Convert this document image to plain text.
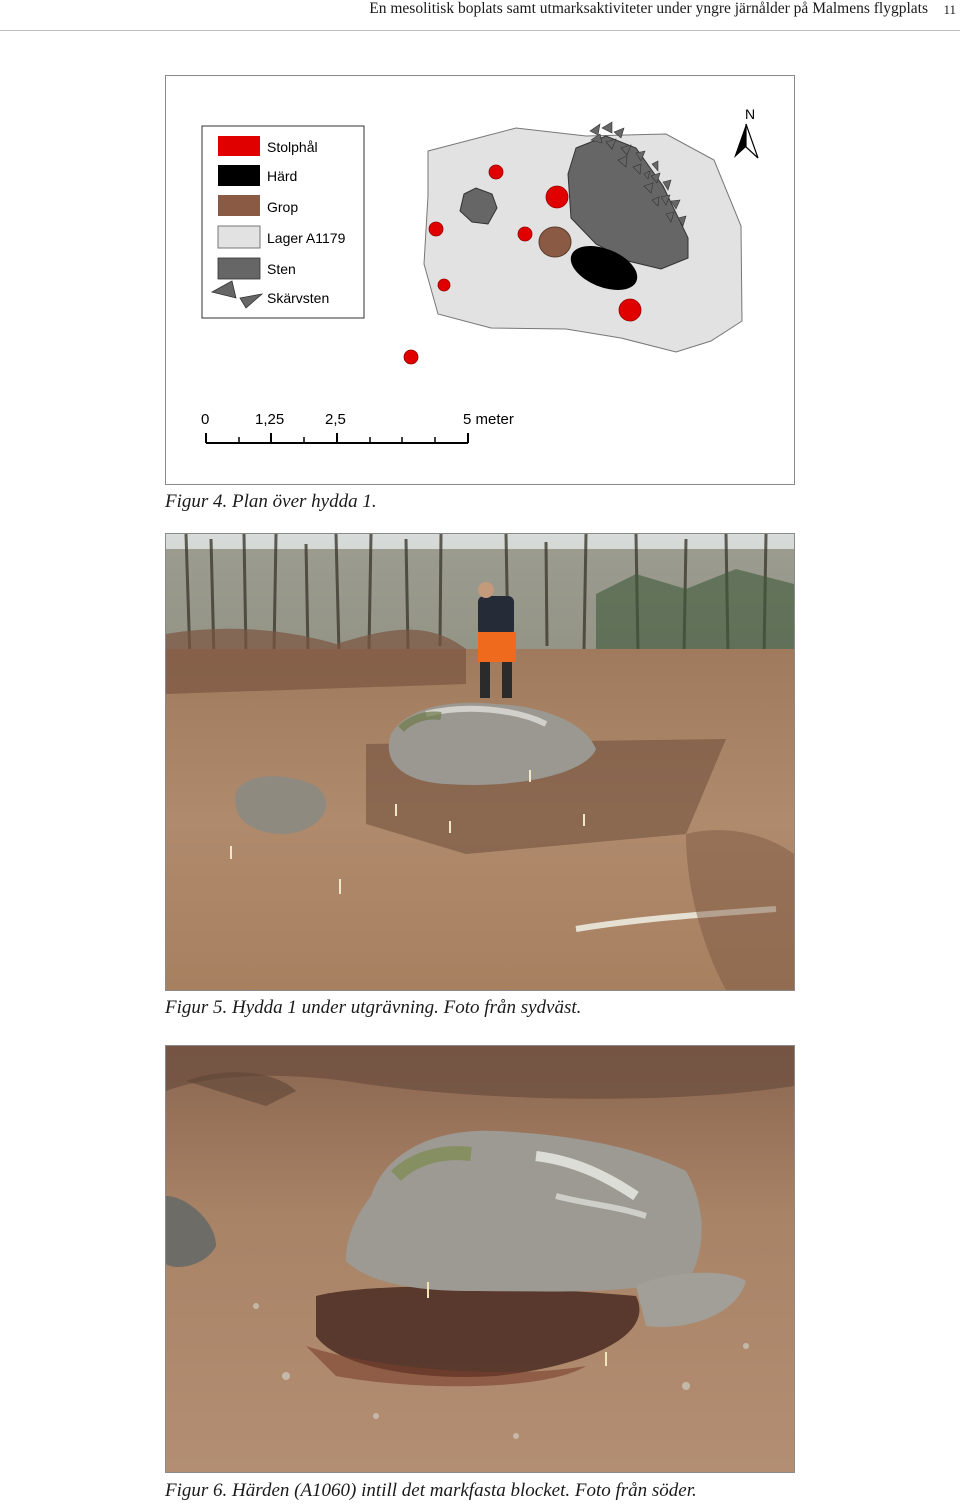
En mesolitisk boplats samt utmarksaktiviteter under yngre järnålder på Malmens flygplats 11
N
Stolphål
Härd
Grop
Lager A1179
Sten
Skärvsten
0	1,25	2,5	5 meter
Figur 4. Plan över hydda 1.
Figur 5. Hydda 1 under utgrävning. Foto från sydväst.
Figur 6. Härden (A1060) intill det markfasta blocket. Foto från söder.
